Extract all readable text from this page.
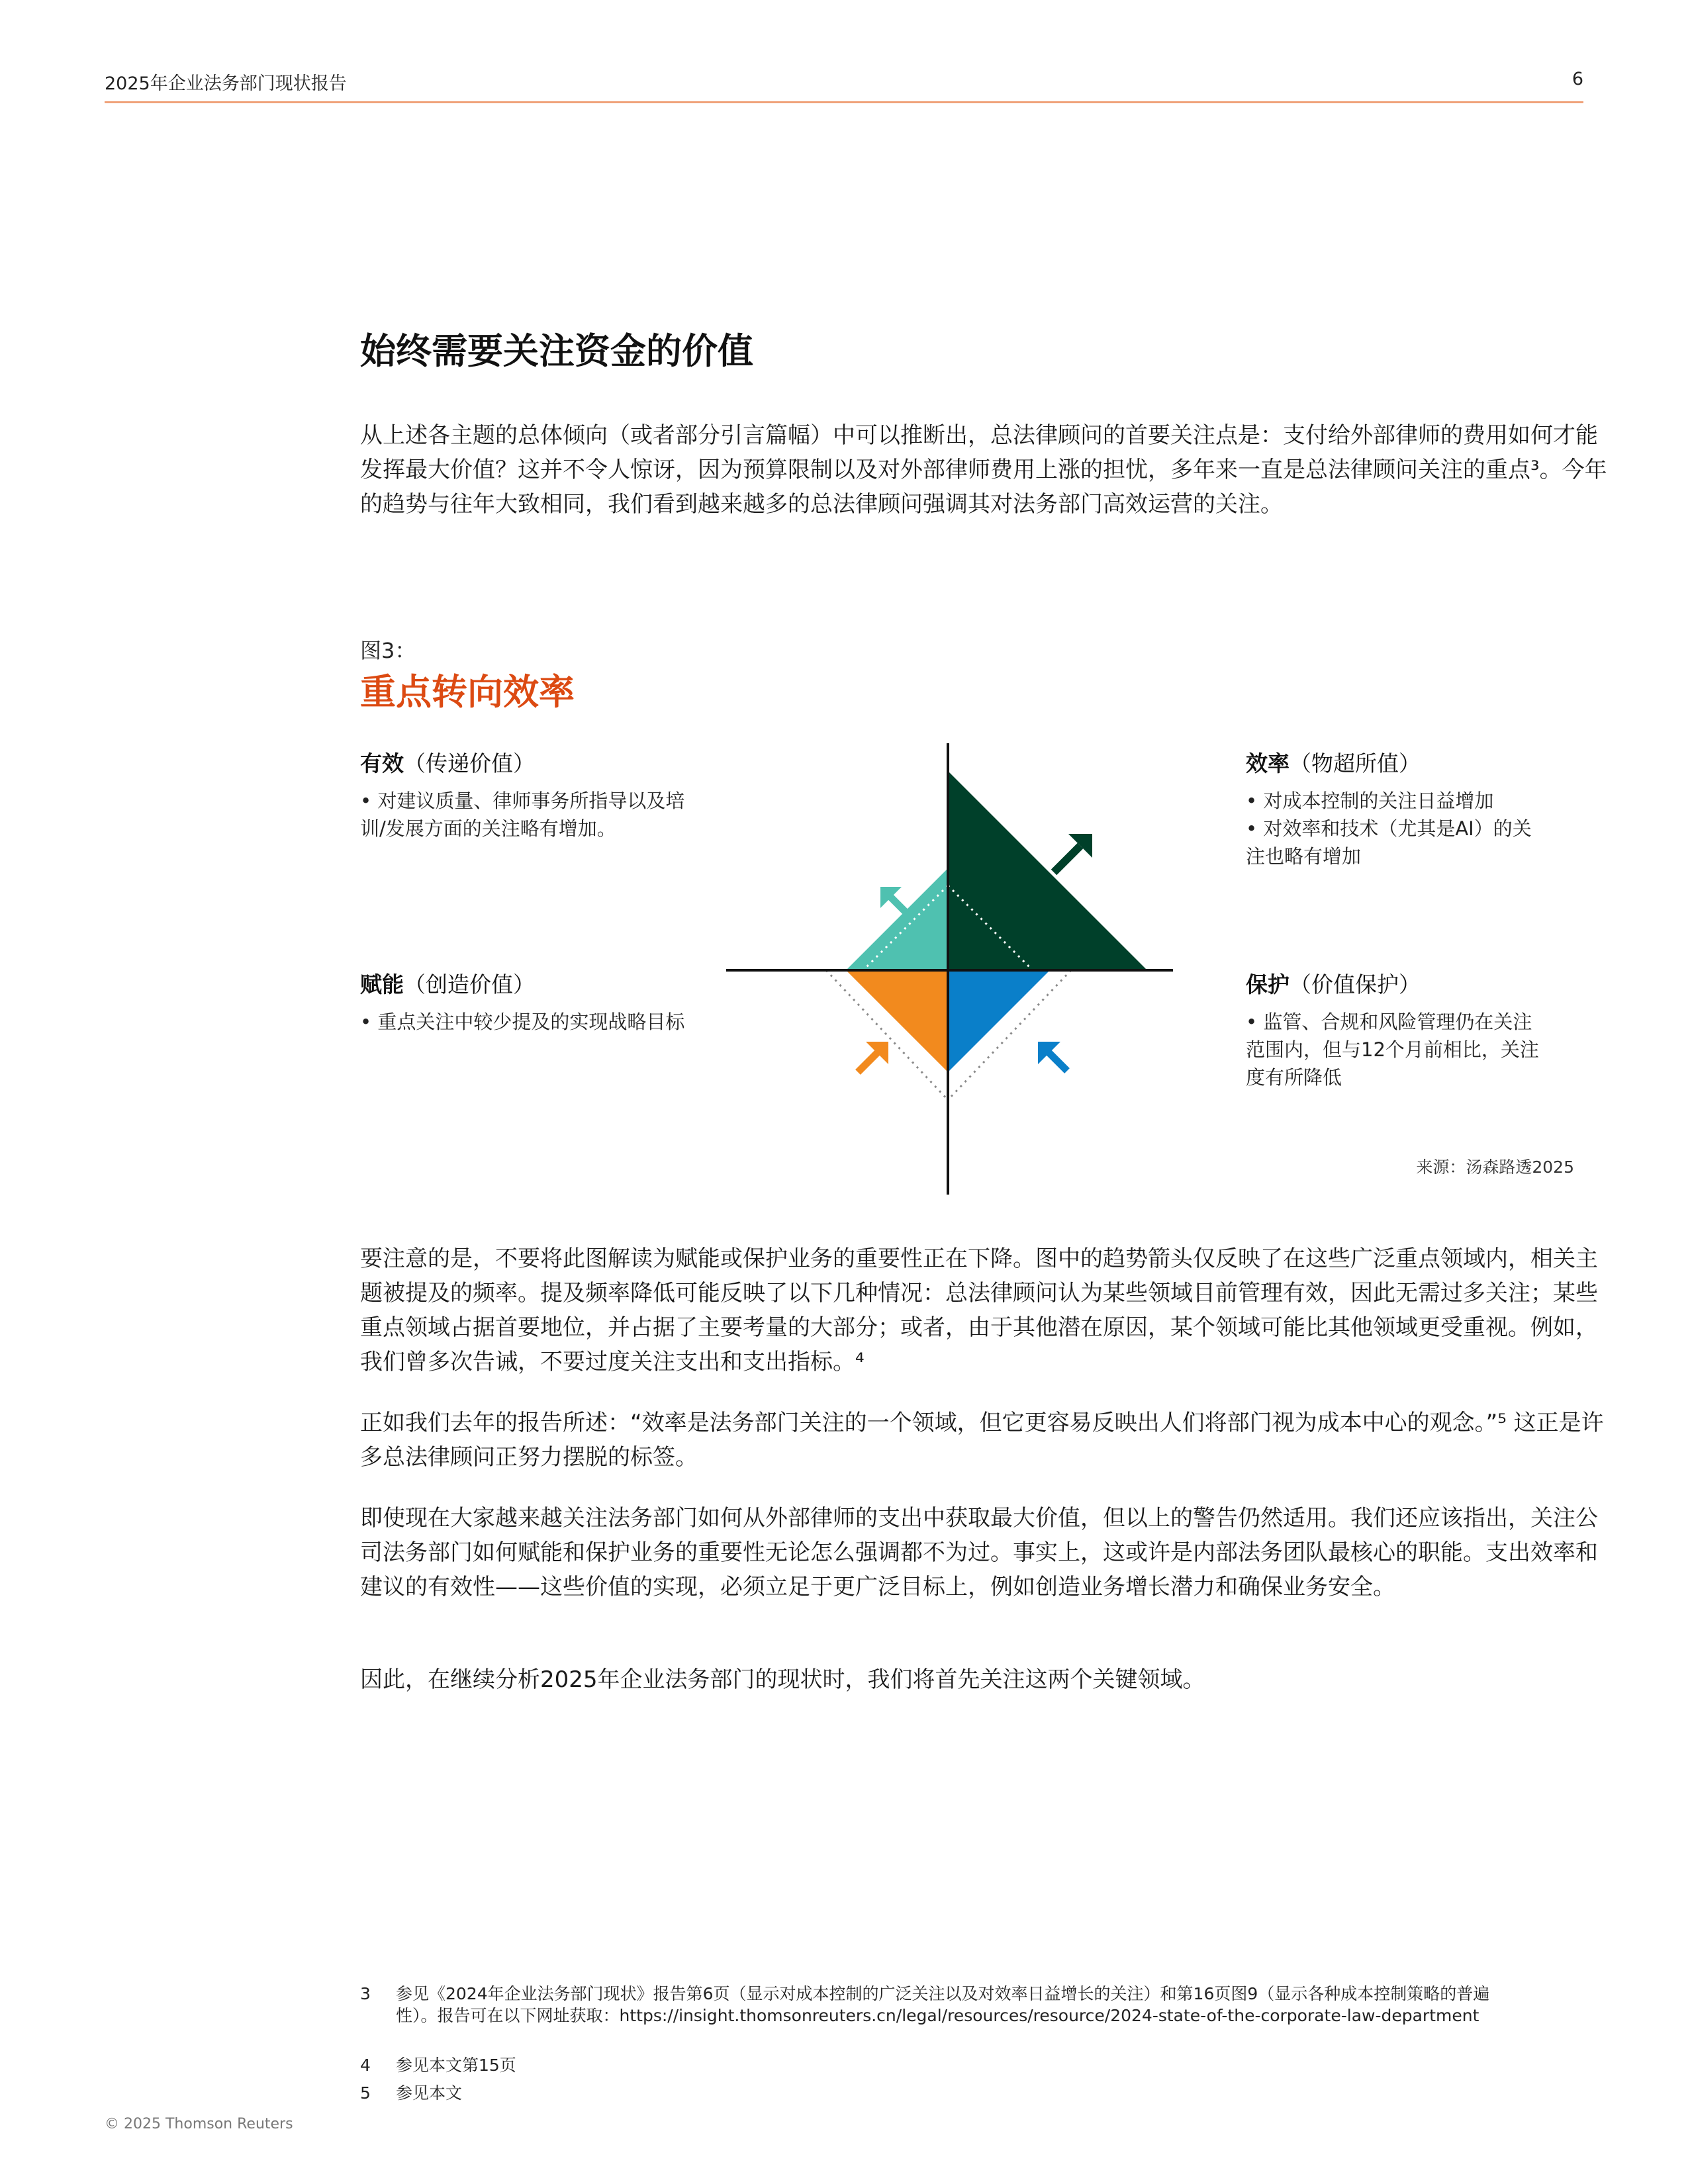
2025年企业法务部门现状报告	6
始终需要关注资金的价值

从上述各主题的总体倾向（或者部分引言篇幅）中可以推断出，总法律顾问的首要关注点是：支付给外部律师的费用如何才能发挥最大价值？这并不令人惊讶，因为预算限制以及对外部律师费用上涨的担忧，多年来一直是总法律顾问关注的重点³。今年的趋势与往年大致相同，我们看到越来越多的总法律顾问强调其对法务部门高效运营的关注。

图3：
重点转向效率
有效（传递价值）
• 对建议质量、律师事务所指导以及培训/发展方面的关注略有增加。
效率（物超所值）
• 对成本控制的关注日益增加
• 对效率和技术（尤其是AI）的关注也略有增加
赋能（创造价值）
• 重点关注中较少提及的实现战略目标
保护（价值保护）
• 监管、合规和风险管理仍在关注范围内，但与12个月前相比，关注度有所降低
来源：汤森路透2025

要注意的是，不要将此图解读为赋能或保护业务的重要性正在下降。图中的趋势箭头仅反映了在这些广泛重点领域内，相关主题被提及的频率。提及频率降低可能反映了以下几种情况：总法律顾问认为某些领域目前管理有效，因此无需过多关注；某些重点领域占据首要地位，并占据了主要考量的大部分；或者，由于其他潜在原因，某个领域可能比其他领域更受重视。例如，我们曾多次告诫，不要过度关注支出和支出指标。⁴

正如我们去年的报告所述：“效率是法务部门关注的一个领域，但它更容易反映出人们将部门视为成本中心的观念。”⁵ 这正是许多总法律顾问正努力摆脱的标签。

即使现在大家越来越关注法务部门如何从外部律师的支出中获取最大价值，但以上的警告仍然适用。我们还应该指出，关注公司法务部门如何赋能和保护业务的重要性无论怎么强调都不为过。事实上，这或许是内部法务团队最核心的职能。支出效率和建议的有效性——这些价值的实现，必须立足于更广泛目标上，例如创造业务增长潜力和确保业务安全。

因此，在继续分析2025年企业法务部门的现状时，我们将首先关注这两个关键领域。

3 参见《2024年企业法务部门现状》报告第6页（显示对成本控制的广泛关注以及对效率日益增长的关注）和第16页图9（显示各种成本控制策略的普遍性）。报告可在以下网址获取：https://insight.thomsonreuters.cn/legal/resources/resource/2024-state-of-the-corporate-law-department
4 参见本文第15页
5 参见本文
© 2025 Thomson Reuters
